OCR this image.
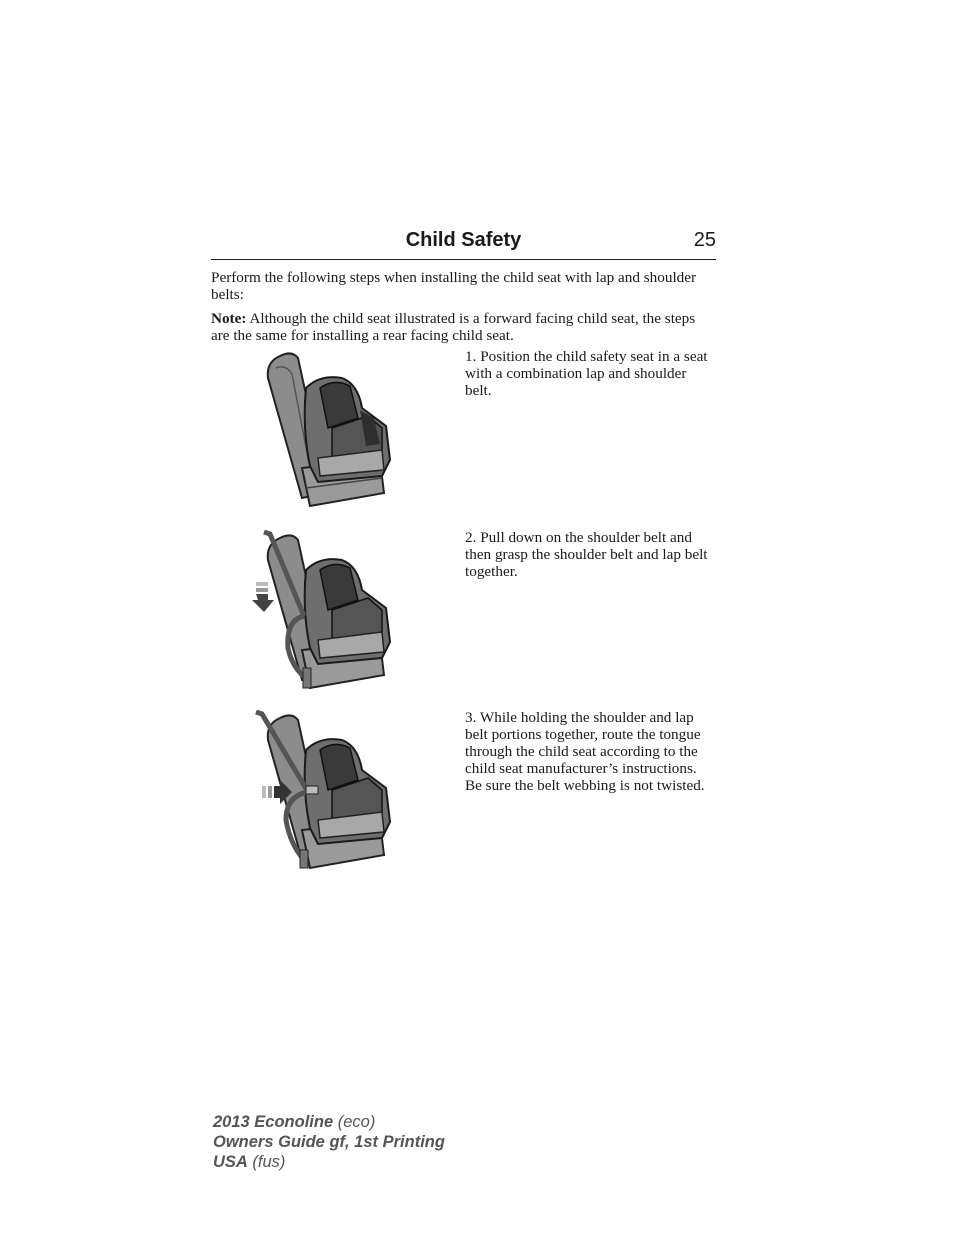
Child Safety	25
Perform the following steps when installing the child seat with lap and shoulder belts:
Note: Although the child seat illustrated is a forward facing child seat, the steps are the same for installing a rear facing child seat.
1. Position the child safety seat in a seat with a combination lap and shoulder belt.
2. Pull down on the shoulder belt and then grasp the shoulder belt and lap belt together.
3. While holding the shoulder and lap belt portions together, route the tongue through the child seat according to the child seat manufacturer’s instructions. Be sure the belt webbing is not twisted.
2013 Econoline (eco)
Owners Guide gf, 1st Printing
USA (fus)
